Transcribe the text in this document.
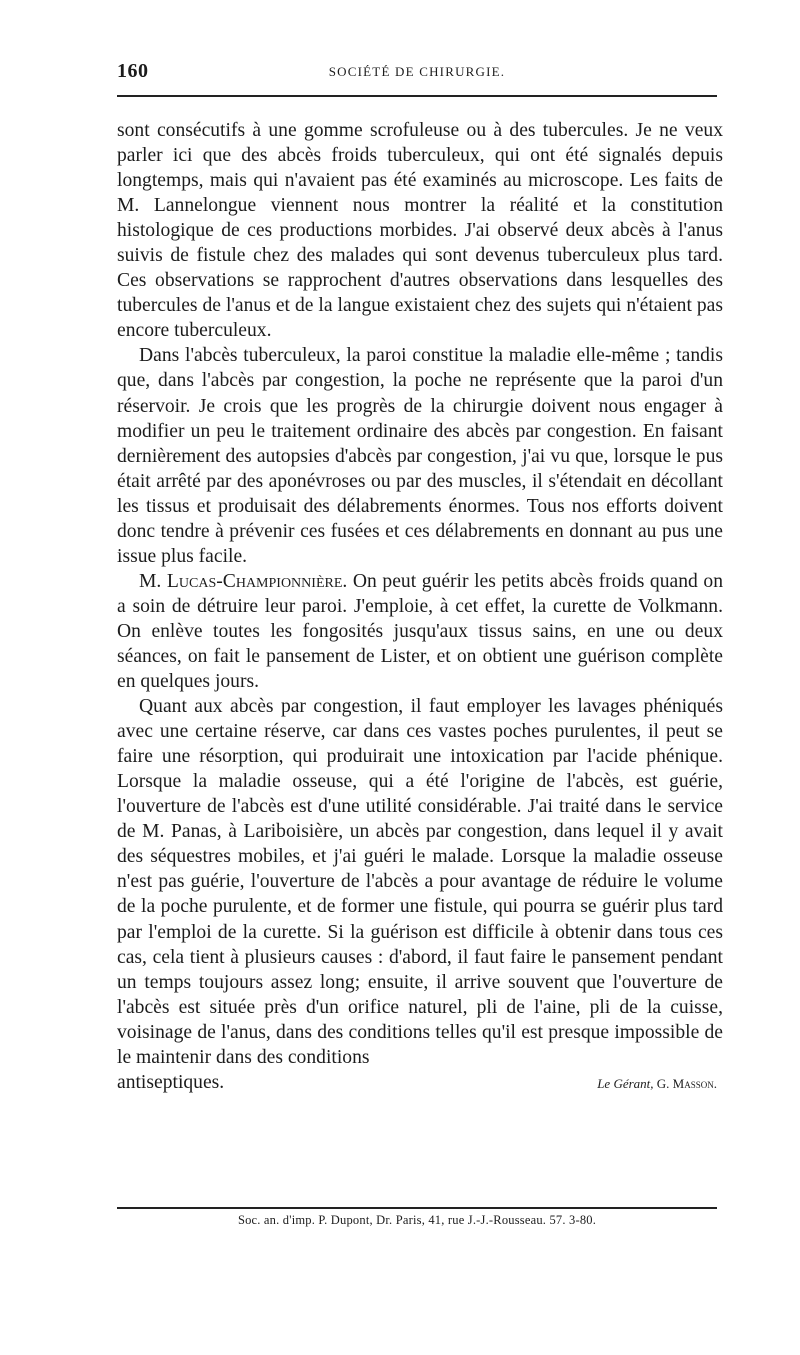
160	SOCIÉTÉ DE CHIRURGIE.

sont consécutifs à une gomme scrofuleuse ou à des tubercules. Je ne veux parler ici que des abcès froids tuberculeux, qui ont été signalés depuis longtemps, mais qui n'avaient pas été examinés au microscope. Les faits de M. Lannelongue viennent nous montrer la réalité et la constitution histologique de ces productions morbides. J'ai observé deux abcès à l'anus suivis de fistule chez des malades qui sont devenus tuberculeux plus tard. Ces observations se rapprochent d'autres observations dans lesquelles des tubercules de l'anus et de la langue existaient chez des sujets qui n'étaient pas encore tuberculeux.

Dans l'abcès tuberculeux, la paroi constitue la maladie elle-même ; tandis que, dans l'abcès par congestion, la poche ne représente que la paroi d'un réservoir. Je crois que les progrès de la chirurgie doivent nous engager à modifier un peu le traitement ordinaire des abcès par congestion. En faisant dernièrement des autopsies d'abcès par congestion, j'ai vu que, lorsque le pus était arrêté par des aponévroses ou par des muscles, il s'étendait en décollant les tissus et produisait des délabrements énormes. Tous nos efforts doivent donc tendre à prévenir ces fusées et ces délabrements en donnant au pus une issue plus facile.

M. Lucas-Championnière. On peut guérir les petits abcès froids quand on a soin de détruire leur paroi. J'emploie, à cet effet, la curette de Volkmann. On enlève toutes les fongosités jusqu'aux tissus sains, en une ou deux séances, on fait le pansement de Lister, et on obtient une guérison complète en quelques jours.

Quant aux abcès par congestion, il faut employer les lavages phéniqués avec une certaine réserve, car dans ces vastes poches purulentes, il peut se faire une résorption, qui produirait une intoxication par l'acide phénique. Lorsque la maladie osseuse, qui a été l'origine de l'abcès, est guérie, l'ouverture de l'abcès est d'une utilité considérable. J'ai traité dans le service de M. Panas, à Lariboisière, un abcès par congestion, dans lequel il y avait des séquestres mobiles, et j'ai guéri le malade. Lorsque la maladie osseuse n'est pas guérie, l'ouverture de l'abcès a pour avantage de réduire le volume de la poche purulente, et de former une fistule, qui pourra se guérir plus tard par l'emploi de la curette. Si la guérison est difficile à obtenir dans tous ces cas, cela tient à plusieurs causes : d'abord, il faut faire le pansement pendant un temps toujours assez long; ensuite, il arrive souvent que l'ouverture de l'abcès est située près d'un orifice naturel, pli de l'aine, pli de la cuisse, voisinage de l'anus, dans des conditions telles qu'il est presque impossible de le maintenir dans des conditions

antiseptiques.	Le Gérant, G. Masson.
Soc. an. d'imp. P. Dupont, Dr. Paris, 41, rue J.-J.-Rousseau. 57. 3-80.
